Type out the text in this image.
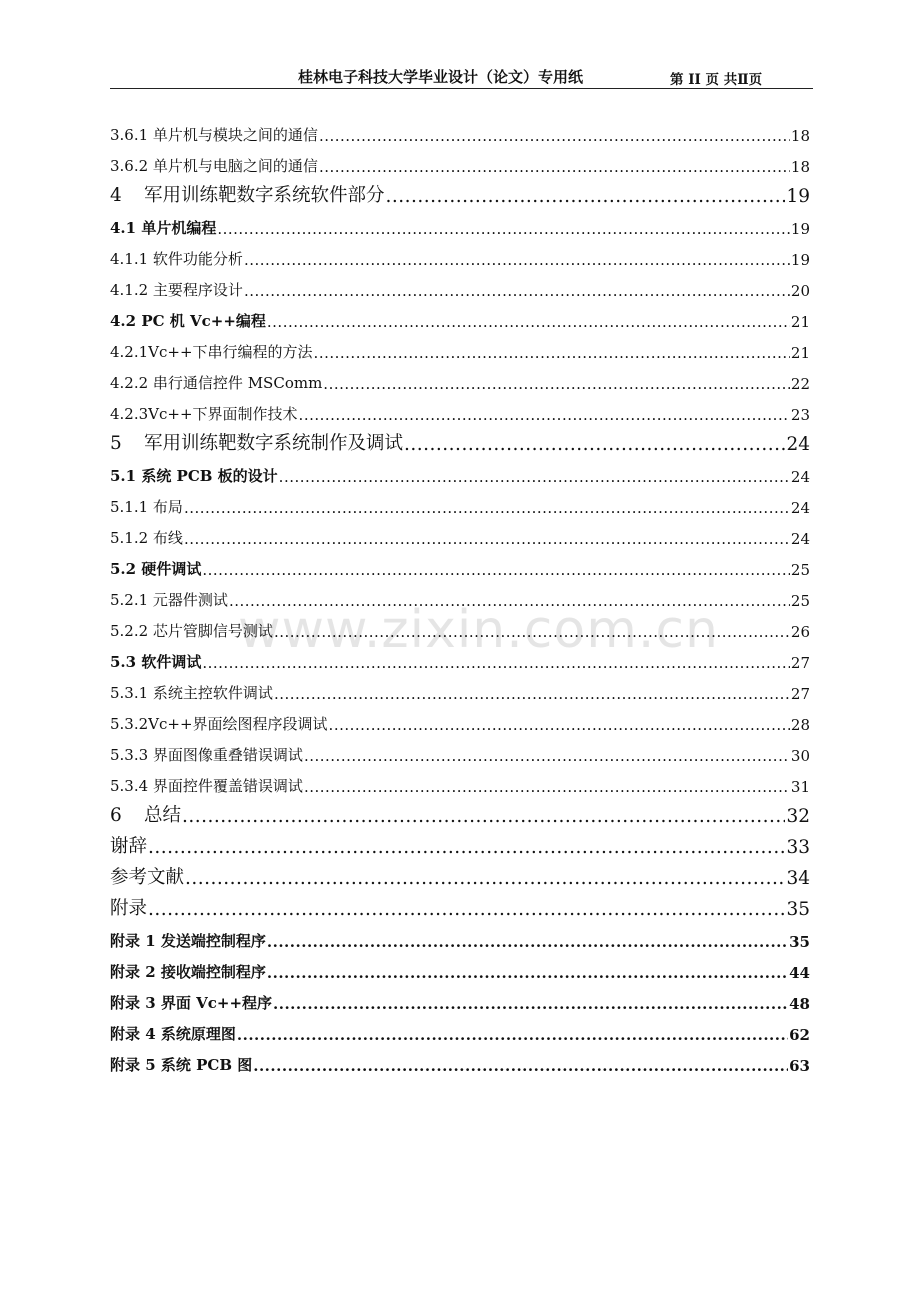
桂林电子科技大学毕业设计（论文）专用纸	第 II 页 共Ⅱ页
www.zixin.com.cn
3.6.1 单片机与模块之间的通信 .....	18
3.6.2 单片机与电脑之间的通信 .....	18
4 军用训练靶数字系统软件部分 .....	19
4.1 单片机编程 .....	19
4.1.1 软件功能分析 .....	19
4.1.2 主要程序设计 .....	20
4.2 PC 机 Vc++编程 .....	21
4.2.1Vc++下串行编程的方法 .....	21
4.2.2 串行通信控件 MSComm .....	22
4.2.3Vc++下界面制作技术 .....	23
5 军用训练靶数字系统制作及调试 .....	24
5.1 系统 PCB 板的设计 .....	24
5.1.1 布局 .....	24
5.1.2 布线 .....	24
5.2 硬件调试 .....	25
5.2.1 元器件测试 .....	25
5.2.2 芯片管脚信号测试 .....	26
5.3 软件调试 .....	27
5.3.1 系统主控软件调试 .....	27
5.3.2Vc++界面绘图程序段调试 .....	28
5.3.3 界面图像重叠错误调试 .....	30
5.3.4 界面控件覆盖错误调试 .....	31
6 总结 .....	32
谢辞 .....	33
参考文献 .....	34
附录 .....	35
附录 1 发送端控制程序 .....	35
附录 2 接收端控制程序 .....	44
附录 3 界面 Vc++程序 .....	48
附录 4 系统原理图 .....	62
附录 5 系统 PCB 图 .....	63
